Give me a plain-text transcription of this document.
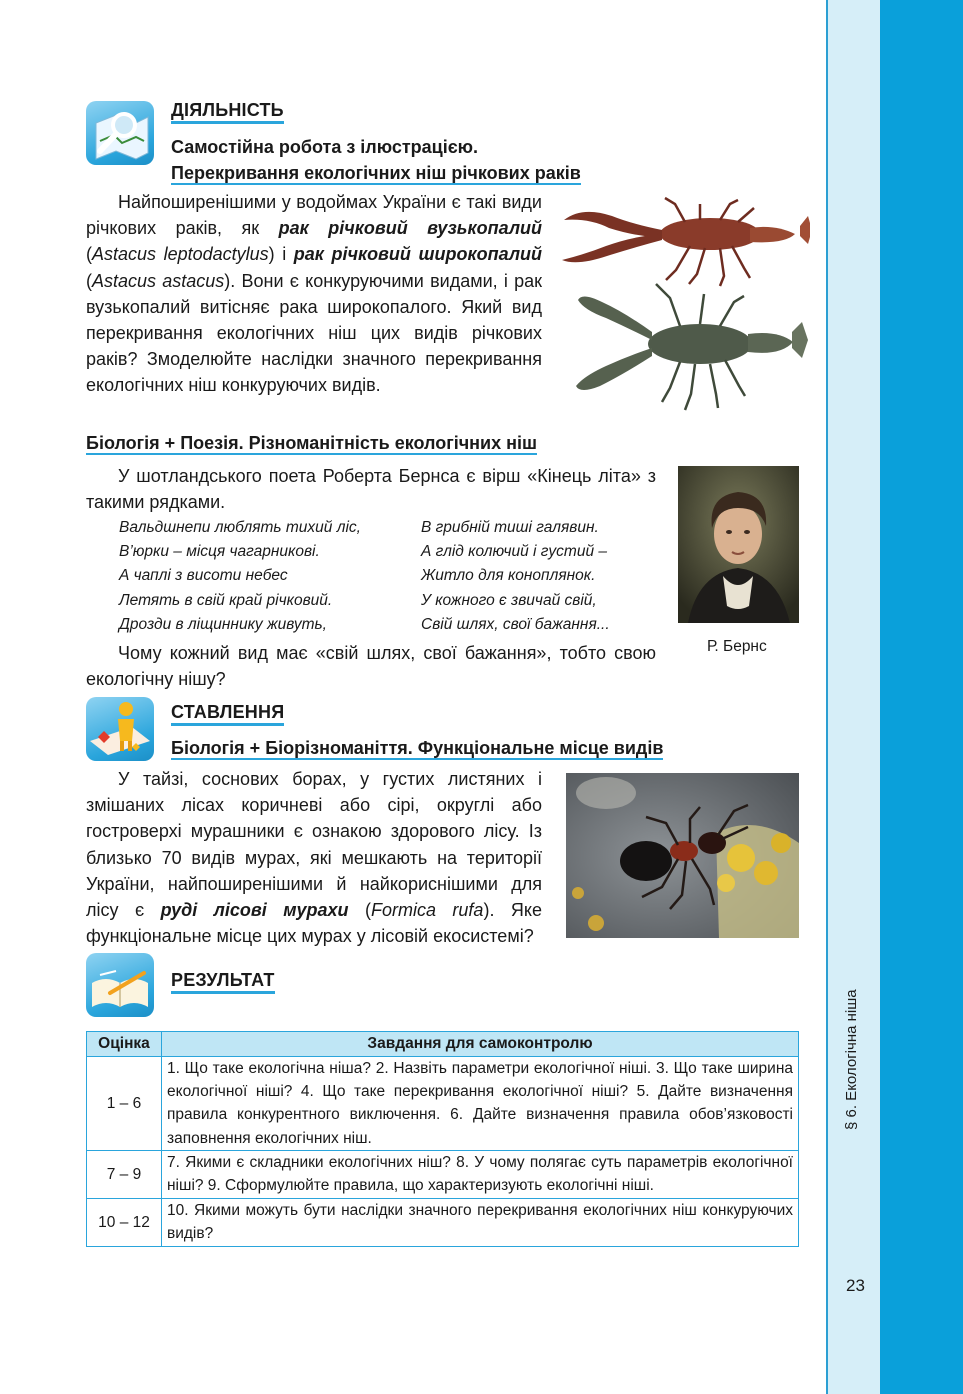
§ 6. Екологічна ніша
23
ДІЯЛЬНІСТЬ
Самостійна робота з ілюстрацією.
Перекривання екологічних ніш річкових раків

Найпоширенішими у водоймах України є такі види річкових раків, як рак річковий вузькопалий (Astacus leptodactylus) і рак річковий широкопалий (Astacus astacus). Вони є конкуруючими видами, і рак вузькопалий витісняє рака широкопалого. Який вид перекривання екологічних ніш цих видів річкових раків? Змоделюйте наслідки значного перекривання екологічних ніш конкуруючих видів.

Біологія + Поезія. Різноманітність екологічних ніш

У шотландського поета Роберта Бернса є вірш «Кінець літа» з такими рядками.

Вальдшнепи люблять тихий ліс,
В’юрки – місця чагарникові.
А чаплі з висоти небес
Летять в свій край річковий.
Дрозди в ліщиннику живуть,
В грибній тиші галявин.
А глід колючий і густий –
Житло для коноплянок.
У кожного є звичай свій,
Свій шлях, свої бажання...

Чому кожний вид має «свій шлях, свої бажання», тобто свою екологічну нішу?

Р. Бернс
СТАВЛЕННЯ
Біологія + Біорізноманіття. Функціональне місце видів

У тайзі, соснових борах, у густих листяних і змішаних лісах коричневі або сірі, округлі або гостроверхі мурашники є ознакою здорового лісу. Із близько 70 видів мурах, які мешкають на території України, найпоширенішими й найкориснішими для лісу є руді лісові мурахи (Formica rufa). Яке функціональне місце цих мурах у лісовій екосистемі?

РЕЗУЛЬТАТ
Оцінка	Завдання для самоконтролю
1 – 6	1. Що таке екологічна ніша? 2. Назвіть параметри екологічної ніші. 3. Що таке ширина екологічної ніші? 4. Що таке перекривання екологічної ніші? 5. Дайте визначення правила конкурентного виключення. 6. Дайте визначення правила обов’язковості заповнення екологічних ніш.
7 – 9	7. Якими є складники екологічних ніш? 8. У чому полягає суть параметрів екологічної ніші? 9. Сформулюйте правила, що характеризують екологічні ніші.
10 – 12	10. Якими можуть бути наслідки значного перекривання екологічних ніш конкуруючих видів?
